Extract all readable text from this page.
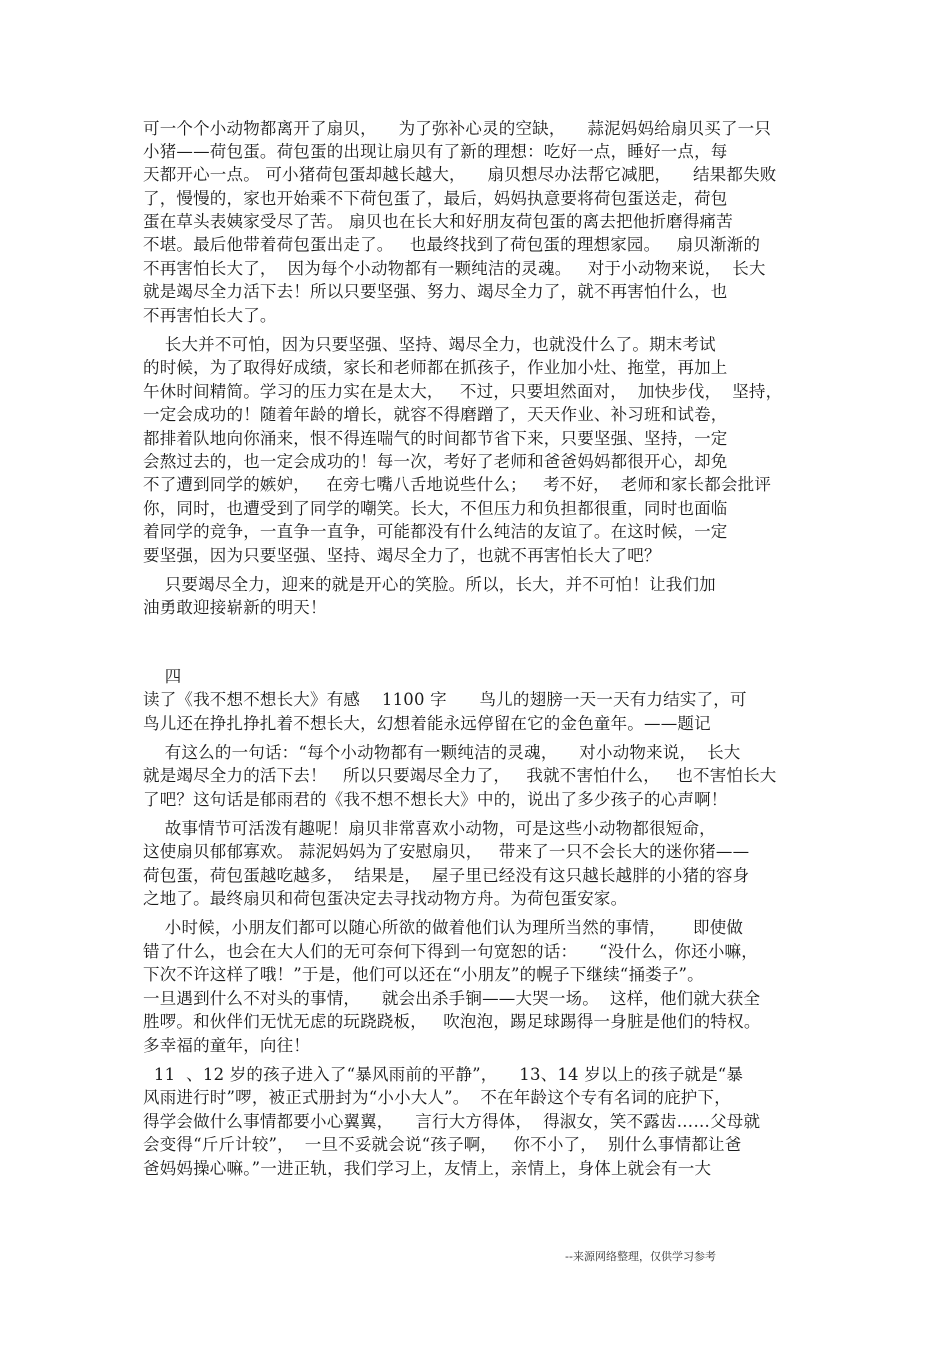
可一个个小动物都离开了扇贝，    为了弥补心灵的空缺，    蒜泥妈妈给扇贝买了一只
小猪——荷包蛋。荷包蛋的出现让扇贝有了新的理想：吃好一点，睡好一点，每
天都开心一点。 可小猪荷包蛋却越长越大，    扇贝想尽办法帮它减肥，    结果都失败
了，慢慢的，家也开始乘不下荷包蛋了，最后，妈妈执意要将荷包蛋送走，荷包
蛋在草头表姨家受尽了苦。 扇贝也在长大和好朋友荷包蛋的离去把他折磨得痛苦
不堪。最后他带着荷包蛋出走了。   也最终找到了荷包蛋的理想家园。   扇贝渐渐的
不再害怕长大了，  因为每个小动物都有一颗纯洁的灵魂。   对于小动物来说，  长大
就是竭尽全力活下去！所以只要坚强、努力、竭尽全力了，就不再害怕什么，也
不再害怕长大了。
长大并不可怕，因为只要坚强、坚持、竭尽全力，也就没什么了。期末考试
的时候，为了取得好成绩，家长和老师都在抓孩子，作业加小灶、拖堂，再加上
午休时间精简。学习的压力实在是太大，   不过，只要坦然面对，  加快步伐，  坚持，
一定会成功的！随着年龄的增长，就容不得磨蹭了，天天作业、补习班和试卷，
都排着队地向你涌来，恨不得连喘气的时间都节省下来，只要坚强、坚持，一定
会熬过去的，也一定会成功的！每一次，考好了老师和爸爸妈妈都很开心，却免
不了遭到同学的嫉妒，   在旁七嘴八舌地说些什么；   考不好，  老师和家长都会批评
你，同时，也遭受到了同学的嘲笑。长大，不但压力和负担都很重，同时也面临
着同学的竞争，一直争一直争，可能都没有什么纯洁的友谊了。在这时候，一定
要坚强，因为只要坚强、坚持、竭尽全力了，也就不再害怕长大了吧？
只要竭尽全力，迎来的就是开心的笑脸。所以，长大，并不可怕！让我们加
油勇敢迎接崭新的明天！
四
读了《我不想不想长大》有感    1100 字      鸟儿的翅膀一天一天有力结实了，可
鸟儿还在挣扎挣扎着不想长大，幻想着能永远停留在它的金色童年。——题记
有这么的一句话：“每个小动物都有一颗纯洁的灵魂，    对小动物来说，  长大
就是竭尽全力的活下去！   所以只要竭尽全力了，   我就不害怕什么，   也不害怕长大
了吧？这句话是郁雨君的《我不想不想长大》中的，说出了多少孩子的心声啊！
故事情节可活泼有趣呢！扇贝非常喜欢小动物，可是这些小动物都很短命，
这使扇贝郁郁寡欢。 蒜泥妈妈为了安慰扇贝，   带来了一只不会长大的迷你猪——
荷包蛋，荷包蛋越吃越多，  结果是，  屋子里已经没有这只越长越胖的小猪的容身
之地了。最终扇贝和荷包蛋决定去寻找动物方舟。为荷包蛋安家。
小时候，小朋友们都可以随心所欲的做着他们认为理所当然的事情，     即使做
错了什么，也会在大人们的无可奈何下得到一句宽恕的话：    “没什么，你还小嘛，
下次不许这样了哦！”于是，他们可以还在“小朋友”的幌子下继续“捅娄子”。
一旦遇到什么不对头的事情，    就会出杀手锏——大哭一场。  这样，他们就大获全
胜啰。和伙伴们无忧无虑的玩跷跷板，   吹泡泡，踢足球踢得一身脏是他们的特权。
多幸福的童年，向往！
11  、12 岁的孩子进入了“暴风雨前的平静”，    13、14 岁以上的孩子就是“暴
风雨进行时”啰，被正式册封为“小小大人”。  不在年龄这个专有名词的庇护下，
得学会做什么事情都要小心翼翼，    言行大方得体，  得淑女，笑不露齿……父母就
会变得“斤斤计较”，  一旦不妥就会说“孩子啊，   你不小了，  别什么事情都让爸
爸妈妈操心嘛。”一进正轨，我们学习上，友情上，亲情上，身体上就会有一大
--来源网络整理，仅供学习参考
